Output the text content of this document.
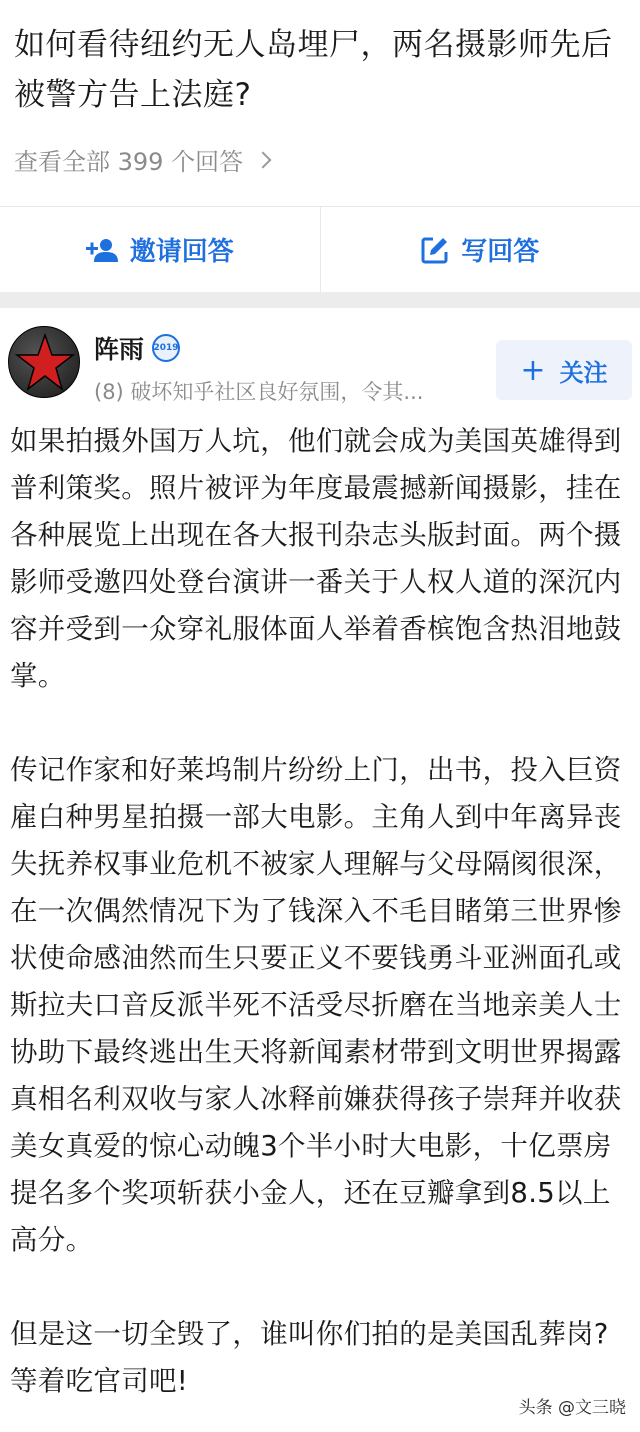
如何看待纽约无人岛埋尸，两名摄影师先后被警方告上法庭?
查看全部 399 个回答
邀请回答	写回答
阵雨 2019
(8) 破坏知乎社区良好氛围，令其...
+ 关注

如果拍摄外国万人坑，他们就会成为美国英雄得到普利策奖。照片被评为年度最震撼新闻摄影，挂在各种展览上出现在各大报刊杂志头版封面。两个摄影师受邀四处登台演讲一番关于人权人道的深沉内容并受到一众穿礼服体面人举着香槟饱含热泪地鼓掌。

传记作家和好莱坞制片纷纷上门，出书，投入巨资雇白种男星拍摄一部大电影。主角人到中年离异丧失抚养权事业危机不被家人理解与父母隔阂很深，在一次偶然情况下为了钱深入不毛目睹第三世界惨状使命感油然而生只要正义不要钱勇斗亚洲面孔或斯拉夫口音反派半死不活受尽折磨在当地亲美人士协助下最终逃出生天将新闻素材带到文明世界揭露真相名利双收与家人冰释前嫌获得孩子崇拜并收获美女真爱的惊心动魄3个半小时大电影，十亿票房提名多个奖项斩获小金人，还在豆瓣拿到8.5以上高分。

但是这一切全毁了，谁叫你们拍的是美国乱葬岗? 等着吃官司吧!

头条 @文三晓
